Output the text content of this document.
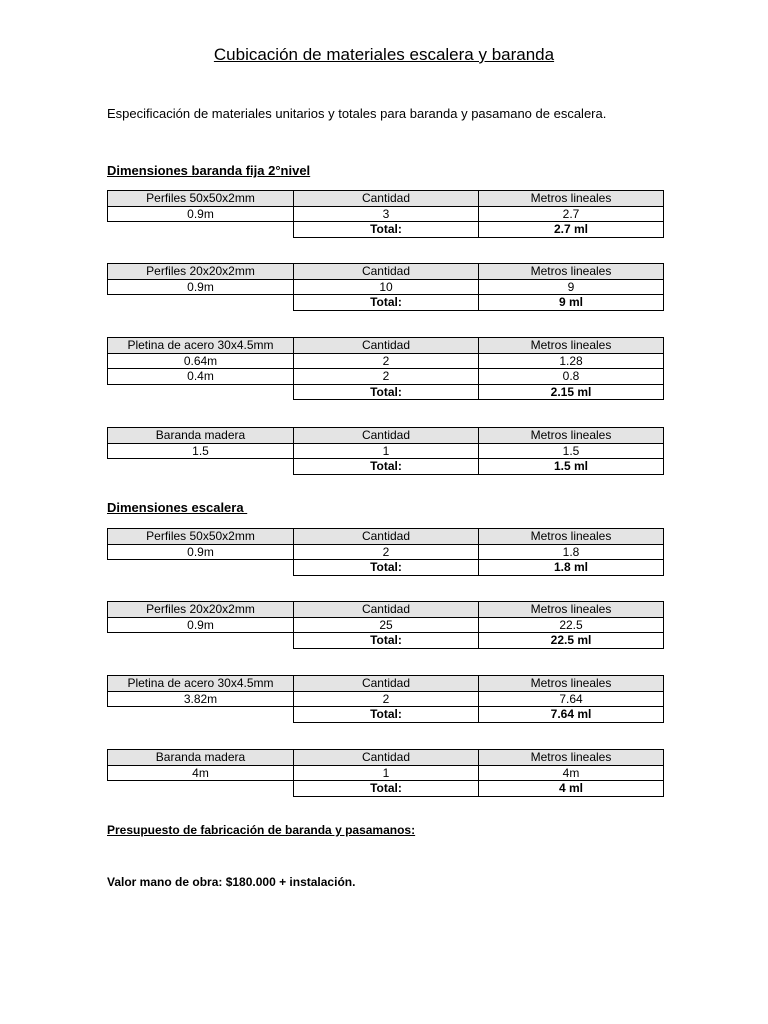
Cubicación de materiales escalera y baranda
Especificación de materiales unitarios y totales para baranda y pasamano de escalera.
Dimensiones baranda fija 2°nivel
Perfiles 50x50x2mm	Cantidad	Metros lineales
0.9m	3	2.7
	Total:	2.7 ml
Perfiles 20x20x2mm	Cantidad	Metros lineales
0.9m	10	9
	Total:	9 ml
Pletina de acero 30x4.5mm	Cantidad	Metros lineales
0.64m	2	1.28
0.4m	2	0.8
	Total:	2.15 ml
Baranda madera	Cantidad	Metros lineales
1.5	1	1.5
	Total:	1.5 ml
Dimensiones escalera
Perfiles 50x50x2mm	Cantidad	Metros lineales
0.9m	2	1.8
	Total:	1.8 ml
Perfiles 20x20x2mm	Cantidad	Metros lineales
0.9m	25	22.5
	Total:	22.5 ml
Pletina de acero 30x4.5mm	Cantidad	Metros lineales
3.82m	2	7.64
	Total:	7.64 ml
Baranda madera	Cantidad	Metros lineales
4m	1	4m
	Total:	4 ml
Presupuesto de fabricación de baranda y pasamanos:
Valor mano de obra: $180.000 + instalación.
